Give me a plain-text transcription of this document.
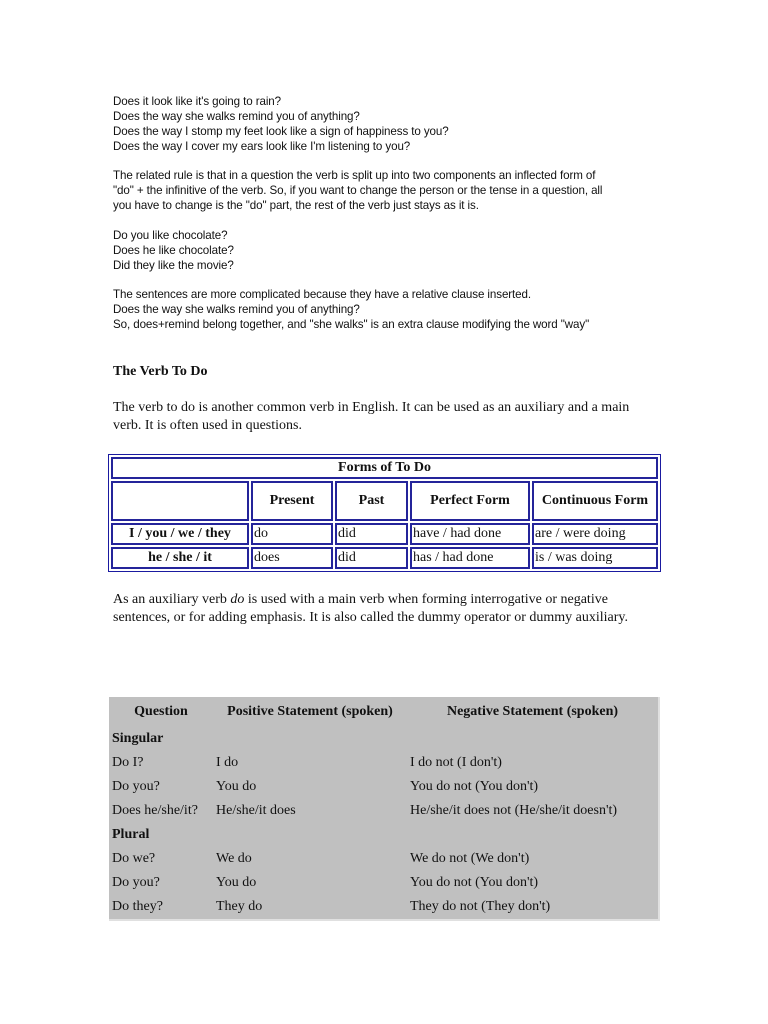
Does it look like it's going to rain?
Does the way she walks remind you of anything?
Does the way I stomp my feet look like a sign of happiness to you?
Does the way I cover my ears look like I'm listening to you?
The related rule is that in a question the verb is split up into two components an inflected form of
"do" + the infinitive of the verb. So, if you want to change the person or the tense in a question, all
you have to change is the "do" part, the rest of the verb just stays as it is.
Do you like chocolate?
Does he like chocolate?
Did they like the movie?
The sentences are more complicated because they have a relative clause inserted.
Does the way she walks remind you of anything?
So, does+remind belong together, and "she walks" is an extra clause modifying the word "way"
The Verb To Do
The verb to do is another common verb in English. It can be used as an auxiliary and a main verb. It is often used in questions.
Forms of To Do				
	Present	Past	Perfect Form	Continuous Form
I / you / we / they	do	did	have / had done	are / were doing
he / she / it	does	did	has / had done	is / was doing
As an auxiliary verb do is used with a main verb when forming interrogative or negative sentences, or for adding emphasis. It is also called the dummy operator or dummy auxiliary.
Question	Positive Statement (spoken)	Negative Statement (spoken)
Singular		
Do I?	I do	I do not (I don't)
Do you?	You do	You do not (You don't)
Does he/she/it?	He/she/it does	He/she/it does not (He/she/it doesn't)
Plural		
Do we?	We do	We do not (We don't)
Do you?	You do	You do not (You don't)
Do they?	They do	They do not (They don't)
